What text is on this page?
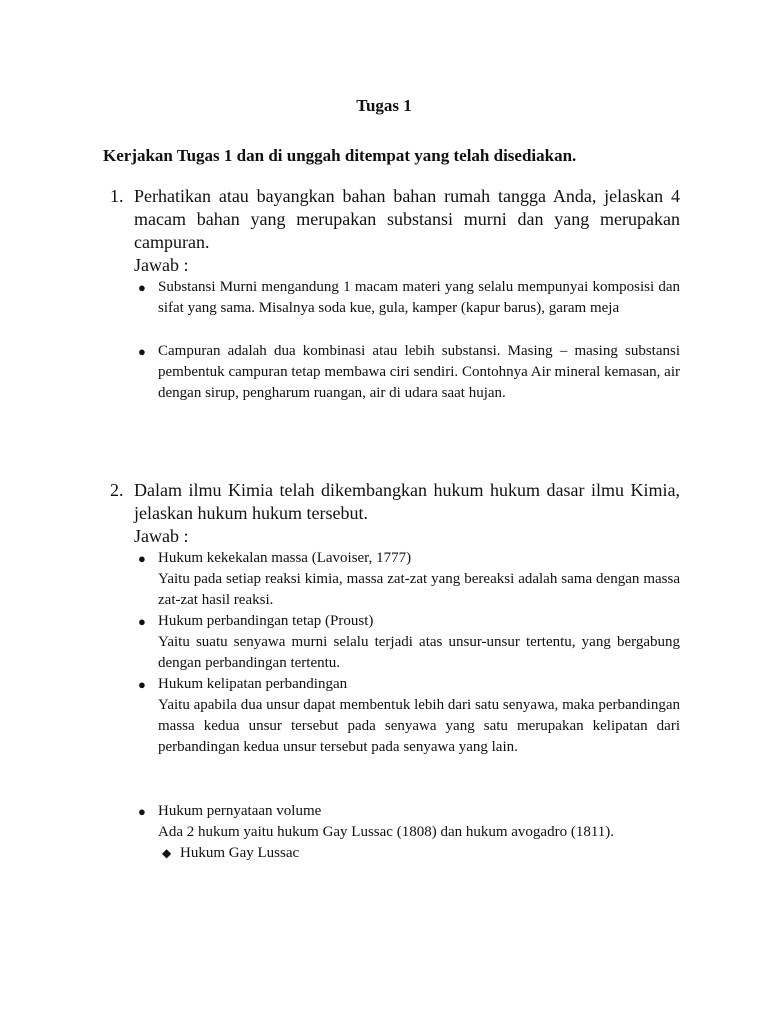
Tugas 1
Kerjakan Tugas 1 dan di unggah ditempat yang telah disediakan.
1. Perhatikan atau bayangkan bahan bahan rumah tangga Anda, jelaskan 4 macam bahan yang merupakan substansi murni dan yang merupakan campuran.
Jawab :
● Substansi Murni mengandung 1 macam materi yang selalu mempunyai komposisi dan sifat yang sama. Misalnya soda kue, gula, kamper (kapur barus), garam meja
● Campuran adalah dua kombinasi atau lebih substansi. Masing – masing substansi pembentuk campuran tetap membawa ciri sendiri. Contohnya Air mineral kemasan, air dengan sirup, pengharum ruangan, air di udara saat hujan.
2. Dalam ilmu Kimia telah dikembangkan hukum hukum dasar ilmu Kimia, jelaskan hukum hukum tersebut.
Jawab :
● Hukum kekekalan massa (Lavoiser, 1777)
Yaitu pada setiap reaksi kimia, massa zat-zat yang bereaksi adalah sama dengan massa zat-zat hasil reaksi.
● Hukum perbandingan tetap (Proust)
Yaitu suatu senyawa murni selalu terjadi atas unsur-unsur tertentu, yang bergabung dengan perbandingan tertentu.
● Hukum kelipatan perbandingan
Yaitu apabila dua unsur dapat membentuk lebih dari satu senyawa, maka perbandingan massa kedua unsur tersebut pada senyawa yang satu merupakan kelipatan dari perbandingan kedua unsur tersebut pada senyawa yang lain.
● Hukum pernyataan volume
Ada 2 hukum yaitu hukum Gay Lussac (1808) dan hukum avogadro (1811).
◆ Hukum Gay Lussac
